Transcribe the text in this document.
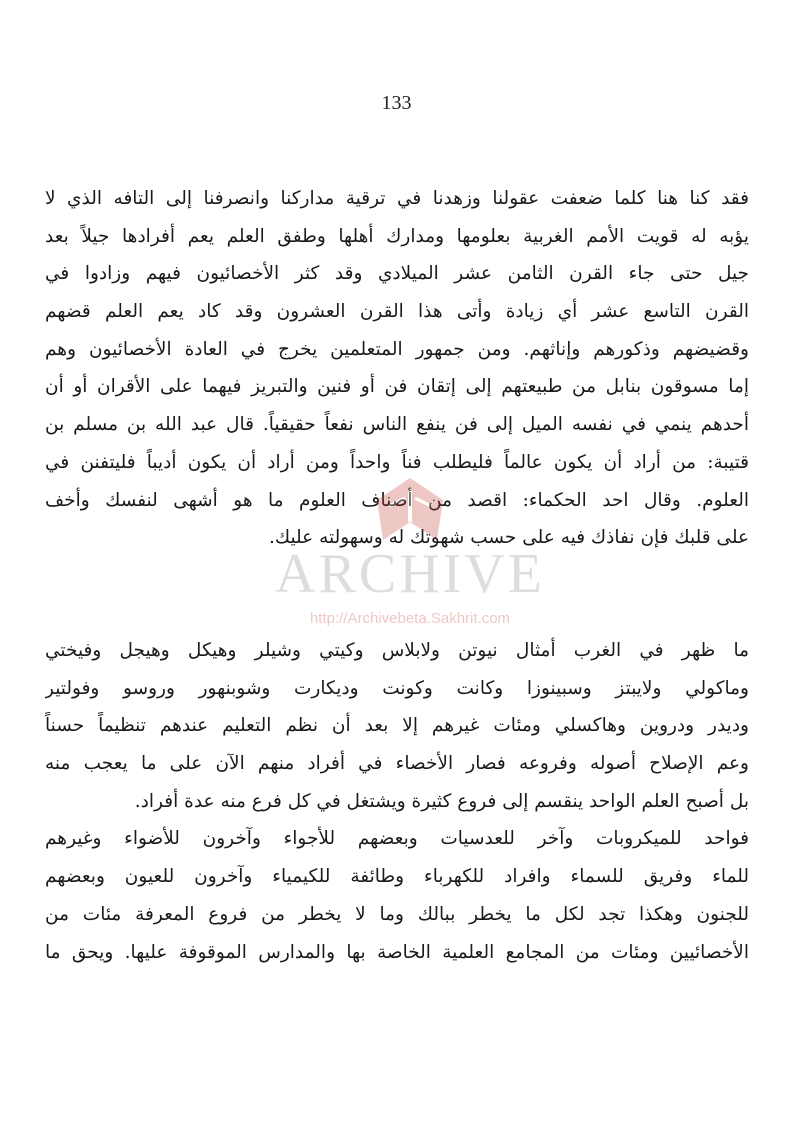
133
فقد كنا هنا كلما ضعفت عقولنا وزهدنا في ترقية مداركنا وانصرفنا إلى التافه الذي لا
يؤبه له قويت الأمم الغربية بعلومها ومدارك أهلها وطفق العلم يعم أفرادها جيلاً بعد
جيل حتى جاء القرن الثامن عشر الميلادي وقد كثر الأخصائيون فيهم وزادوا في
القرن التاسع عشر أي زيادة وأتى هذا القرن العشرون وقد كاد يعم العلم قضهم
وقضيضهم وذكورهم وإناثهم. ومن جمهور المتعلمين يخرج في العادة الأخصائيون وهم
إما مسوقون بنابل من طبيعتهم إلى إتقان فن أو فنين والتبريز فيهما على الأقران أو أن
أحدهم ينمي في نفسه الميل إلى فن ينفع الناس نفعاً حقيقياً. قال عبد الله بن مسلم بن
قتيبة: من أراد أن يكون عالماً فليطلب فناً واحداً ومن أراد أن يكون أديباً فليتفنن في
العلوم. وقال احد الحكماء: اقصد من أصناف العلوم ما هو أشهى لنفسك وأخف
على قلبك فإن نفاذك فيه على حسب شهوتك له وسهولته عليك.
ما ظهر في الغرب أمثال نيوتن ولابلاس وكيتي وشيلر وهيكل وهيجل وفيختي
وماكولي ولايبتز وسبينوزا وكانت وكونت وديكارت وشوبنهور وروسو وفولتير
وديدر ودروين وهاكسلي ومئات غيرهم إلا بعد أن نظم التعليم عندهم تنظيماً حسناً
وعم الإصلاح أصوله وفروعه فصار الأخصاء في أفراد منهم الآن على ما يعجب منه
بل أصبح العلم الواحد ينقسم إلى فروع كثيرة ويشتغل في كل فرع منه عدة أفراد.
فواحد للميكروبات وآخر للعدسيات وبعضهم للأجواء وآخرون للأضواء وغيرهم
للماء وفريق للسماء وافراد للكهرباء وطائفة للكيمياء وآخرون للعيون وبعضهم
للجنون وهكذا تجد لكل ما يخطر ببالك وما لا يخطر من فروع المعرفة مئات من
الأخصائيين ومئات من المجامع العلمية الخاصة بها والمدارس الموقوفة عليها. ويحق ما
ARCHIVE
http://Archivebeta.Sakhrit.com
